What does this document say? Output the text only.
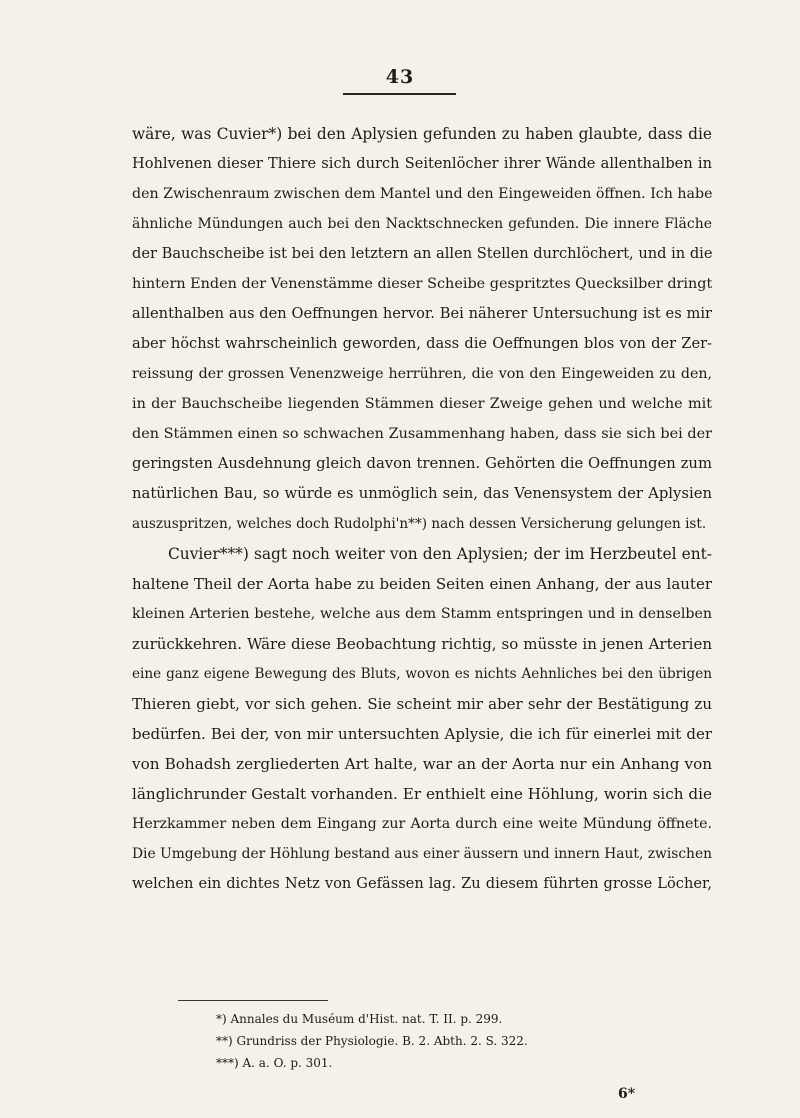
43
wäre, was Cuvier*) bei den Aplysien gefunden zu haben glaubte, dass die
Hohlvenen dieser Thiere sich durch Seitenlöcher ihrer Wände allenthalben in
den Zwischenraum zwischen dem Mantel und den Eingeweiden öffnen. Ich habe
ähnliche Mündungen auch bei den Nacktschnecken gefunden. Die innere Fläche
der Bauchscheibe ist bei den letztern an allen Stellen durchlöchert, und in die
hintern Enden der Venenstämme dieser Scheibe gespritztes Quecksilber dringt
allenthalben aus den Oeffnungen hervor. Bei näherer Untersuchung ist es mir
aber höchst wahrscheinlich geworden, dass die Oeffnungen blos von der Zer-
reissung der grossen Venenzweige herrühren, die von den Eingeweiden zu den,
in der Bauchscheibe liegenden Stämmen dieser Zweige gehen und welche mit
den Stämmen einen so schwachen Zusammenhang haben, dass sie sich bei der
geringsten Ausdehnung gleich davon trennen. Gehörten die Oeffnungen zum
natürlichen Bau, so würde es unmöglich sein, das Venensystem der Aplysien
auszuspritzen, welches doch Rudolphi'n**) nach dessen Versicherung gelungen ist.
Cuvier***) sagt noch weiter von den Aplysien; der im Herzbeutel ent-
haltene Theil der Aorta habe zu beiden Seiten einen Anhang, der aus lauter
kleinen Arterien bestehe, welche aus dem Stamm entspringen und in denselben
zurückkehren. Wäre diese Beobachtung richtig, so müsste in jenen Arterien
eine ganz eigene Bewegung des Bluts, wovon es nichts Aehnliches bei den übrigen
Thieren giebt, vor sich gehen. Sie scheint mir aber sehr der Bestätigung zu
bedürfen. Bei der, von mir untersuchten Aplysie, die ich für einerlei mit der
von Bohadsh zergliederten Art halte, war an der Aorta nur ein Anhang von
länglichrunder Gestalt vorhanden. Er enthielt eine Höhlung, worin sich die
Herzkammer neben dem Eingang zur Aorta durch eine weite Mündung öffnete.
Die Umgebung der Höhlung bestand aus einer äussern und innern Haut, zwischen
welchen ein dichtes Netz von Gefässen lag. Zu diesem führten grosse Löcher,
*) Annales du Muséum d'Hist. nat. T. II. p. 299.
**) Grundriss der Physiologie. B. 2. Abth. 2. S. 322.
***) A. a. O. p. 301.
6*
